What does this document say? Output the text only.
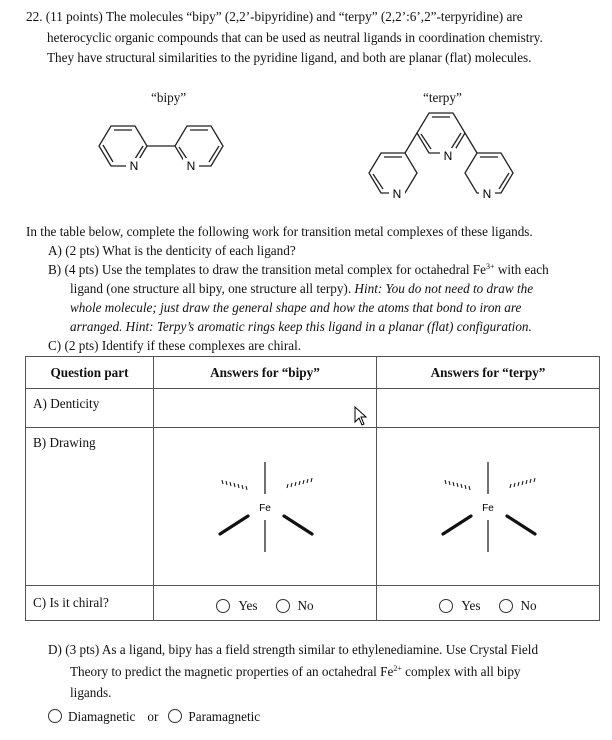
22. (11 points) The molecules “bipy” (2,2’-bipyridine) and “terpy” (2,2’:6’,2”-terpyridine) are
heterocyclic organic compounds that can be used as neutral ligands in coordination chemistry.
They have structural similarities to the pyridine ligand, and both are planar (flat) molecules.
“bipy”	“terpy”
N	N
N
N	N
In the table below, complete the following work for transition metal complexes of these ligands.
A) (2 pts) What is the denticity of each ligand?
B) (4 pts) Use the templates to draw the transition metal complex for octahedral $Fe^{3+}$ with each
ligand (one structure all bipy, one structure all terpy). Hint: You do not need to draw the
whole molecule; just draw the general shape and how the atoms that bond to iron are
arranged. Hint: Terpy’s aromatic rings keep this ligand in a planar (flat) configuration.
C) (2 pts) Identify if these complexes are chiral.
Question part	Answers for “bipy”	Answers for “terpy”
A) Denticity		
B) Drawing	Fe	Fe

C) Is it chiral?	Yes No	Yes No
D) (3 pts) As a ligand, bipy has a field strength similar to ethylenediamine. Use Crystal Field
Theory to predict the magnetic properties of an octahedral $Fe^{2+}$ complex with all bipy
ligands.
Diamagnetic or Paramagnetic
